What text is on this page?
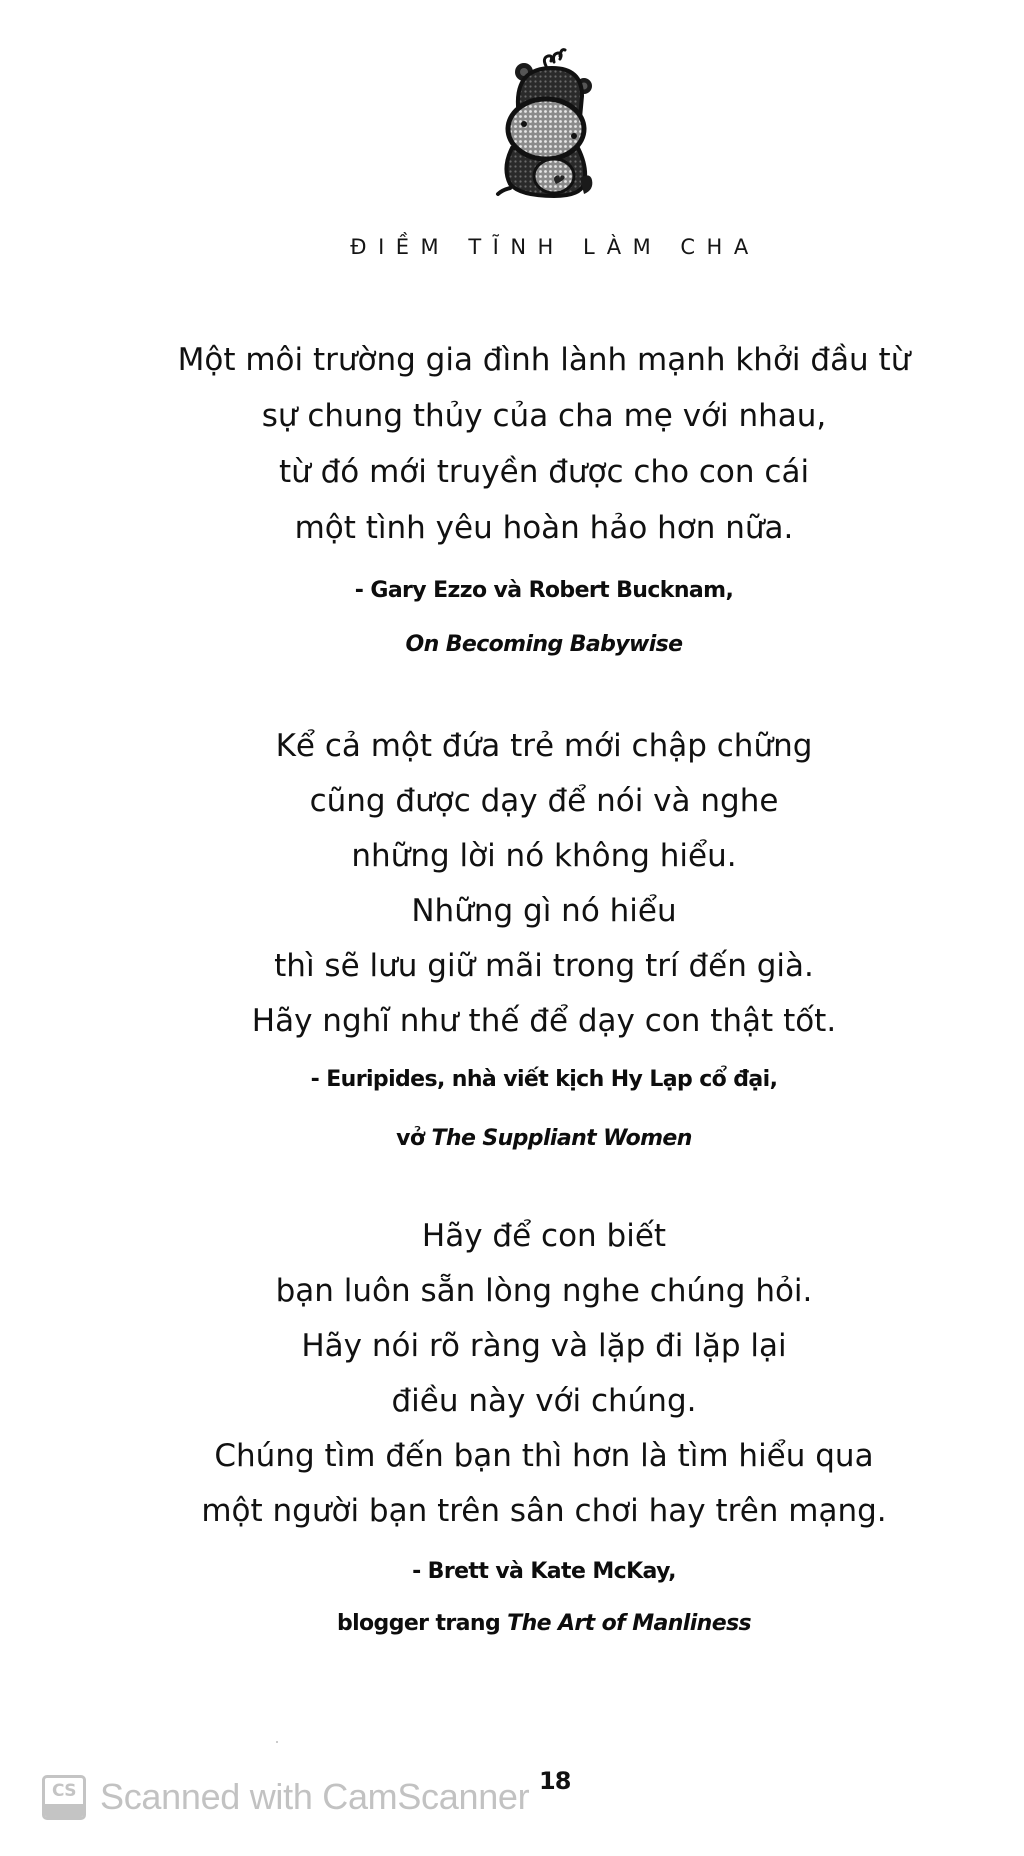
ĐIỀM TĨNH LÀM CHA
Một môi trường gia đình lành mạnh khởi đầu từ
sự chung thủy của cha mẹ với nhau,
từ đó mới truyền được cho con cái
một tình yêu hoàn hảo hơn nữa.
- Gary Ezzo và Robert Bucknam,
On Becoming Babywise
Kể cả một đứa trẻ mới chập chững
cũng được dạy để nói và nghe
những lời nó không hiểu.
Những gì nó hiểu
thì sẽ lưu giữ mãi trong trí đến già.
Hãy nghĩ như thế để dạy con thật tốt.
- Euripides, nhà viết kịch Hy Lạp cổ đại,
vở The Suppliant Women
Hãy để con biết
bạn luôn sẵn lòng nghe chúng hỏi.
Hãy nói rõ ràng và lặp đi lặp lại
điều này với chúng.
Chúng tìm đến bạn thì hơn là tìm hiểu qua
một người bạn trên sân chơi hay trên mạng.
- Brett và Kate McKay,
blogger trang The Art of Manliness
CS Scanned with CamScanner 18
